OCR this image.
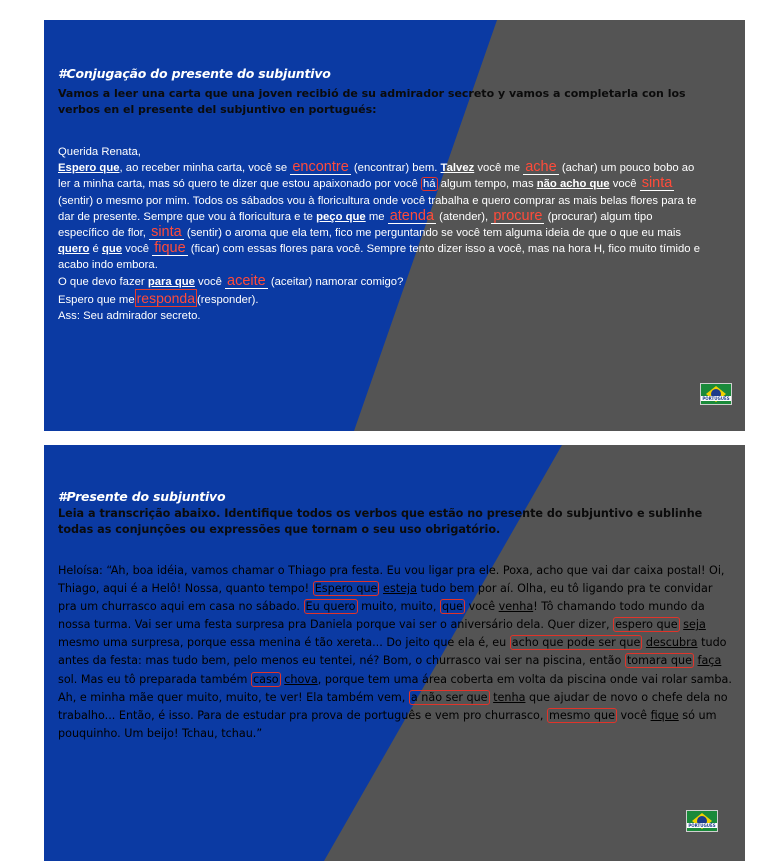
#Conjugação do presente do subjuntivo
Vamos a leer una carta que una joven recibió de su admirador secreto y vamos a completarla con los verbos en el presente del subjuntivo en portugués:
Querida Renata,
Espero que, ao receber minha carta, você se encontre (encontrar) bem. Talvez você me ache (achar) um pouco bobo ao ler a minha carta, mas só quero te dizer que estou apaixonado por você há algum tempo, mas não acho que você sinta (sentir) o mesmo por mim. Todos os sábados vou à floricultura onde você trabalha e quero comprar as mais belas flores para te dar de presente. Sempre que vou à floricultura e te peço que me atenda (atender), procure (procurar) algum tipo específico de flor, sinta (sentir) o aroma que ela tem, fico me perguntando se você tem alguma ideia de que o que eu mais quero é que você fique (ficar) com essas flores para você. Sempre tento dizer isso a você, mas na hora H, fico muito tímido e acabo indo embora.
O que devo fazer para que você aceite (aceitar) namorar comigo?
Espero que me responda (responder).
Ass: Seu admirador secreto.
PORTUGUÊS
#Presente do subjuntivo
Leia a transcrição abaixo. Identifique todos os verbos que estão no presente do subjuntivo e sublinhe todas as conjunções ou expressões que tornam o seu uso obrigatório.
Heloísa: “Ah, boa idéia, vamos chamar o Thiago pra festa. Eu vou ligar pra ele. Poxa, acho que vai dar caixa postal! Oi, Thiago, aqui é a Helô! Nossa, quanto tempo! Espero que esteja tudo bem por aí. Olha, eu tô ligando pra te convidar pra um churrasco aqui em casa no sábado. Eu quero muito, muito, que você venha! Tô chamando todo mundo da nossa turma. Vai ser uma festa surpresa pra Daniela porque vai ser o aniversário dela. Quer dizer, espero que seja mesmo uma surpresa, porque essa menina é tão xereta... Do jeito que ela é, eu acho que pode ser que descubra tudo antes da festa: mas tudo bem, pelo menos eu tentei, né? Bom, o churrasco vai ser na piscina, então tomara que faça sol. Mas eu tô preparada também caso chova, porque tem uma área coberta em volta da piscina onde vai rolar samba. Ah, e minha mãe quer muito, muito, te ver! Ela também vem, a não ser que tenha que ajudar de novo o chefe dela no trabalho... Então, é isso. Para de estudar pra prova de português e vem pro churrasco, mesmo que você fique só um pouquinho. Um beijo! Tchau, tchau.”
PORTUGUÊS
